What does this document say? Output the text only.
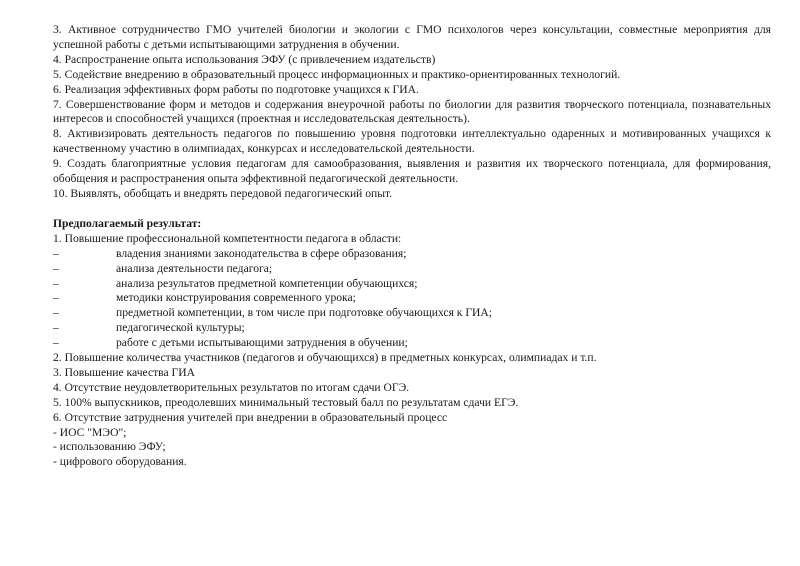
3. Активное сотрудничество ГМО учителей биологии и экологии с ГМО психологов через консультации, совместные мероприятия для

успешной работы с детьми испытывающими затруднения в обучении.

4. Распространение опыта использования ЭФУ (с привлечением издательств)

5. Содействие внедрению в образовательный процесс информационных и практико-ориентированных технологий.

6. Реализация эффективных форм работы по подготовке учащихся к ГИА.

7. Совершенствование форм и методов и содержания внеурочной работы по биологии для развития творческого потенциала, познавательных

интересов и способностей учащихся (проектная и исследовательская деятельность).

8. Активизировать деятельность педагогов по повышению уровня подготовки интеллектуально одаренных и мотивированных учащихся к

качественному участию в олимпиадах, конкурсах и исследовательской деятельности.

9. Создать благоприятные условия педагогам для самообразования, выявления и развития их творческого потенциала, для формирования,

обобщения и распространения опыта эффективной педагогической деятельности.

10. Выявлять, обобщать и внедрять передовой педагогический опыт.

Предполагаемый результат:

1. Повышение профессиональной компетентности педагога в области:

–	владения знаниями законодательства в сфере образования;
–	анализа деятельности педагога;
–	анализа результатов предметной компетенции обучающихся;
–	методики конструирования современного урока;
–	предметной компетенции, в том числе при подготовке обучающихся к ГИА;
–	педагогической культуры;
–	работе с детьми испытывающими затруднения в обучении;

2. Повышение количества участников (педагогов и обучающихся) в предметных конкурсах, олимпиадах и т.п.

3. Повышение качества ГИА

4. Отсутствие неудовлетворительных результатов по итогам сдачи ОГЭ.

5. 100% выпускников, преодолевших минимальный тестовый балл по результатам сдачи ЕГЭ.

6. Отсутствие затруднения учителей при внедрении в образовательный процесс

- ИОС "МЭО";

- использованию ЭФУ;

- цифрового оборудования.
